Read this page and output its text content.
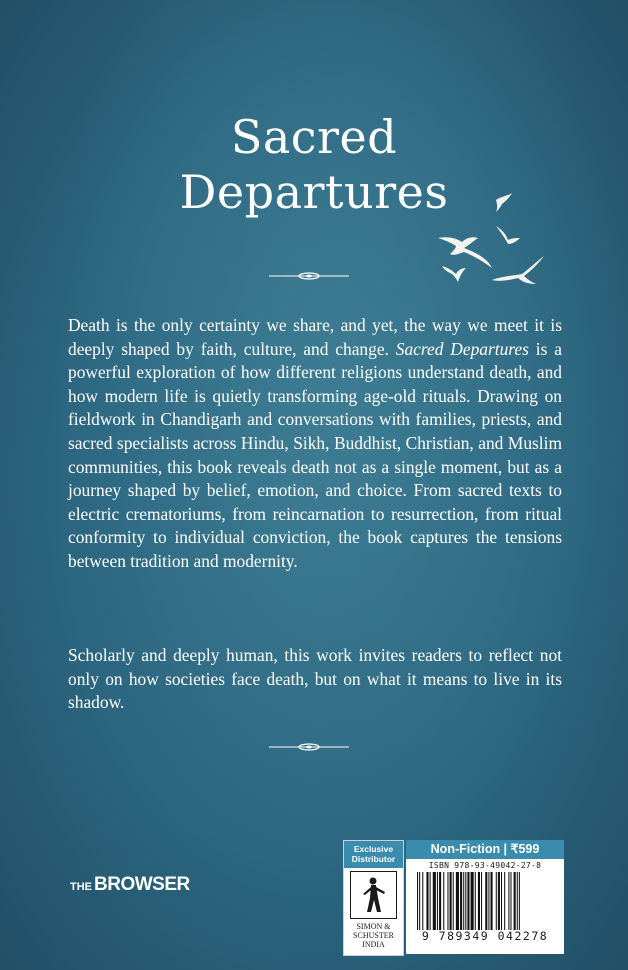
Sacred
Departures

Death is the only certainty we share, and yet, the way we meet it is deeply shaped by faith, culture, and change. Sacred Departures is a powerful exploration of how different religions understand death, and how modern life is quietly transforming age-old rituals. Drawing on fieldwork in Chandigarh and conversations with families, priests, and sacred specialists across Hindu, Sikh, Buddhist, Christian, and Muslim communities, this book reveals death not as a single moment, but as a journey shaped by belief, emotion, and choice. From sacred texts to electric crematoriums, from reincarnation to resurrection, from ritual conformity to individual conviction, the book captures the tensions between tradition and modernity.

Scholarly and deeply human, this work invites readers to reflect not only on how societies face death, but on what it means to live in its shadow.

THE BROWSER
Exclusive Distributor
SIMON &
SCHUSTER
INDIA
Non-Fiction | ₹599
ISBN 978-93-49042-27-8
9 789349 042278
